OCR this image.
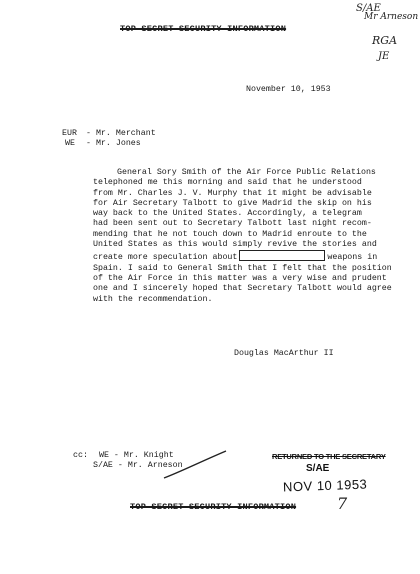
TOP SECRET SECURITY INFORMATION
S/AE
Mr Arneson
RGA
JE
November 10, 1953
EUR - Mr. Merchant
WE - Mr. Jones
General Sory Smith of the Air Force Public Relations
telephoned me this morning and said that he understood
from Mr. Charles J. V. Murphy that it might be advisable
for Air Secretary Talbott to give Madrid the skip on his
way back to the United States. Accordingly, a telegram
had been sent out to Secretary Talbott last night recom-
mending that he not touch down to Madrid enroute to the
United States as this would simply revive the stories and
create more speculation about	weapons in
Spain. I said to General Smith that I felt that the position
of the Air Force in this matter was a very wise and prudent
one and I sincerely hoped that Secretary Talbott would agree
with the recommendation.
Douglas MacArthur II
cc: WE - Mr. Knight
S/AE - Mr. Arneson
RETURNED TO THE SECRETARY
S/AE
NOV 10 1953
7
TOP SECRET SECURITY INFORMATION
